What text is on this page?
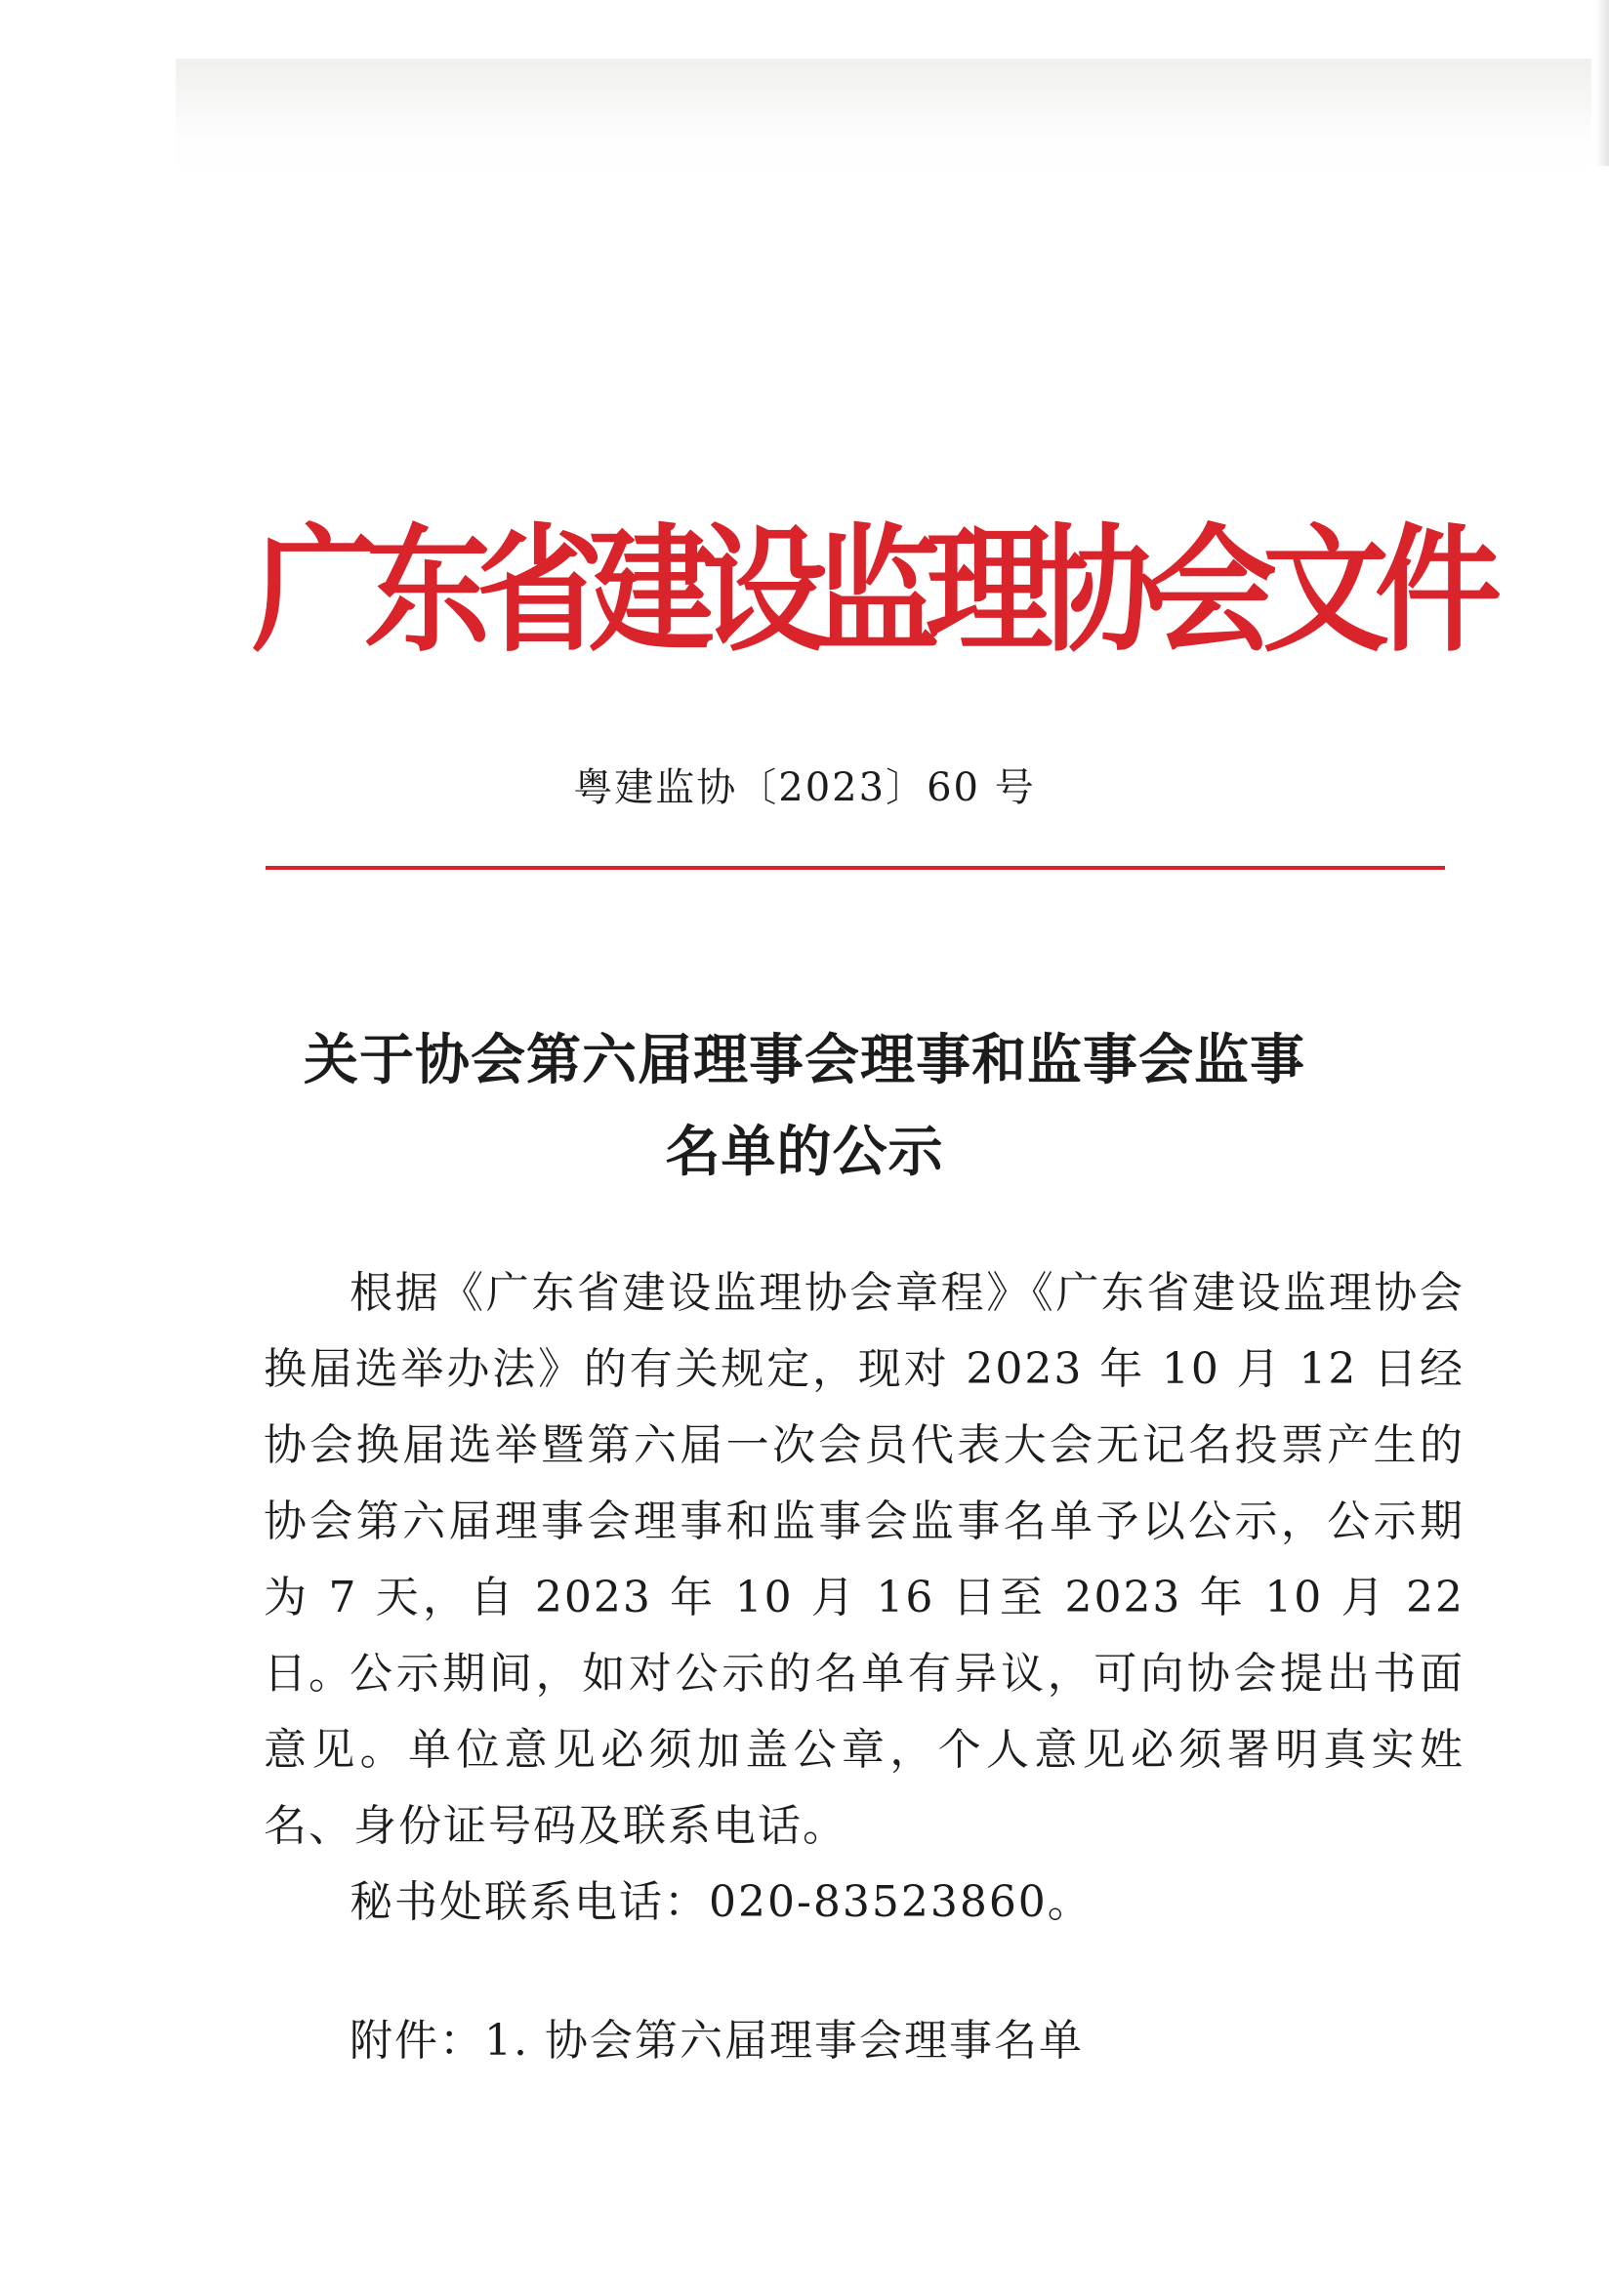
广
东
省
建
设
监
理
协
会
文
件
粤建监协〔2023〕60 号
关于协会第六届理事会理事和监事会监事
名单的公示

根据《广东省建设监理协会章程》《广东省建设监理协会换届选举办法》的有关规定，现对 2023 年 10 月 12 日经协会换届选举暨第六届一次会员代表大会无记名投票产生的协会第六届理事会理事和监事会监事名单予以公示，公示期为 7 天，自 2023 年 10 月 16 日至 2023 年 10 月 22 日。

公示期间，如对公示的名单有异议，可向协会提出书面意见。单位意见必须加盖公章，个人意见必须署明真实姓名、身份证号码及联系电话。

秘书处联系电话：020-83523860。

附件：1. 协会第六届理事会理事名单
